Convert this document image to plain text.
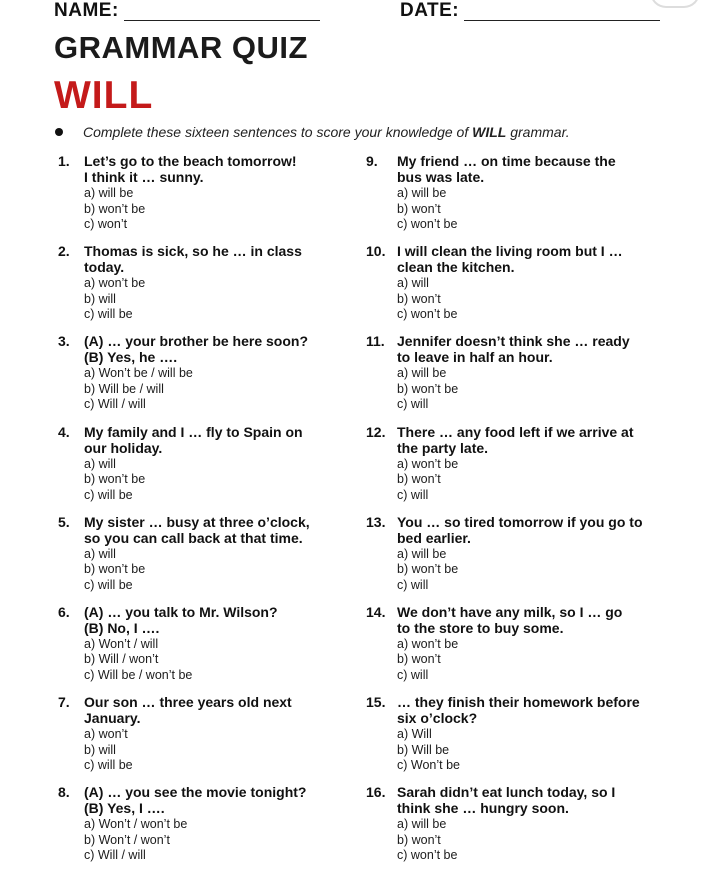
NAME:	DATE:
GRAMMAR QUIZ
WILL
Complete these sixteen sentences to score your knowledge of WILL grammar.
1. Let’s go to the beach tomorrow!
I think it … sunny.
a) will be
b) won’t be
c) won’t
2. Thomas is sick, so he … in class
today.
a) won’t be
b) will
c) will be
3. (A) … your brother be here soon?
(B) Yes, he ….
a) Won’t be / will be
b) Will be / will
c) Will / will
4. My family and I … fly to Spain on
our holiday.
a) will
b) won’t be
c) will be
5. My sister … busy at three o’clock,
so you can call back at that time.
a) will
b) won’t be
c) will be
6. (A) … you talk to Mr. Wilson?
(B) No, I ….
a) Won’t / will
b) Will / won’t
c) Will be / won’t be
7. Our son … three years old next
January.
a) won’t
b) will
c) will be
8. (A) … you see the movie tonight?
(B) Yes, I ….
a) Won’t / won’t be
b) Won’t / won’t
c) Will / will
9. My friend … on time because the
bus was late.
a) will be
b) won’t
c) won’t be
10. I will clean the living room but I …
clean the kitchen.
a) will
b) won’t
c) won’t be
11. Jennifer doesn’t think she … ready
to leave in half an hour.
a) will be
b) won’t be
c) will
12. There … any food left if we arrive at
the party late.
a) won’t be
b) won’t
c) will
13. You … so tired tomorrow if you go to
bed earlier.
a) will be
b) won’t be
c) will
14. We don’t have any milk, so I … go
to the store to buy some.
a) won’t be
b) won’t
c) will
15. … they finish their homework before
six o’clock?
a) Will
b) Will be
c) Won’t be
16. Sarah didn’t eat lunch today, so I
think she … hungry soon.
a) will be
b) won’t
c) won’t be
